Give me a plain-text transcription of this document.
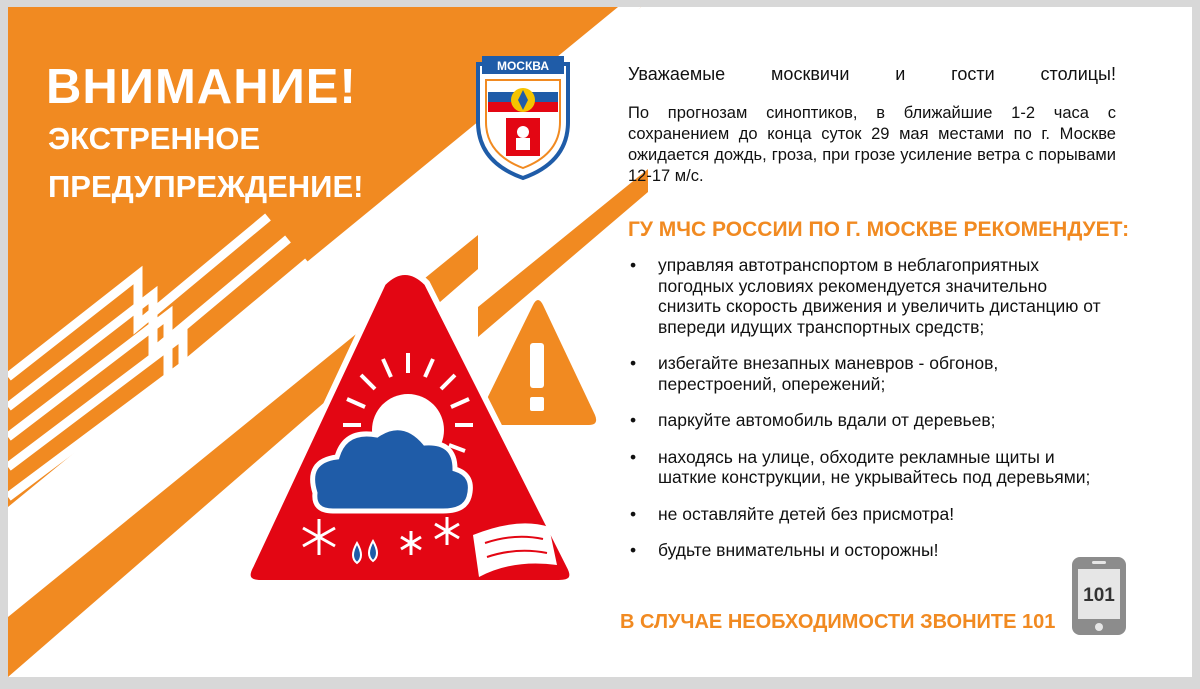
ВНИМАНИЕ!
ЭКСТРЕННОЕ
ПРЕДУПРЕЖДЕНИЕ!
МОСКВА	Уважаемые москвичи и гости столицы!

По прогнозам синоптиков, в ближайшие 1-2 часа с сохранением до конца суток 29 мая местами по г. Москве ожидается дождь, гроза, при грозе усиление ветра с порывами 12-17 м/с.

ГУ МЧС РОССИИ ПО Г. МОСКВЕ РЕКОМЕНДУЕТ:
• управляя автотранспортом в неблагоприятных погодных условиях рекомендуется значительно снизить скорость движения и увеличить дистанцию от впереди идущих транспортных средств;
• избегайте внезапных маневров - обгонов, перестроений, опережений;
• паркуйте автомобиль вдали от деревьев;
• находясь на улице, обходите рекламные щиты и шаткие конструкции, не укрывайтесь под деревьями;
• не оставляйте детей без присмотра!
• будьте внимательны и осторожны!

В СЛУЧАЕ НЕОБХОДИМОСТИ ЗВОНИТЕ 101

101
